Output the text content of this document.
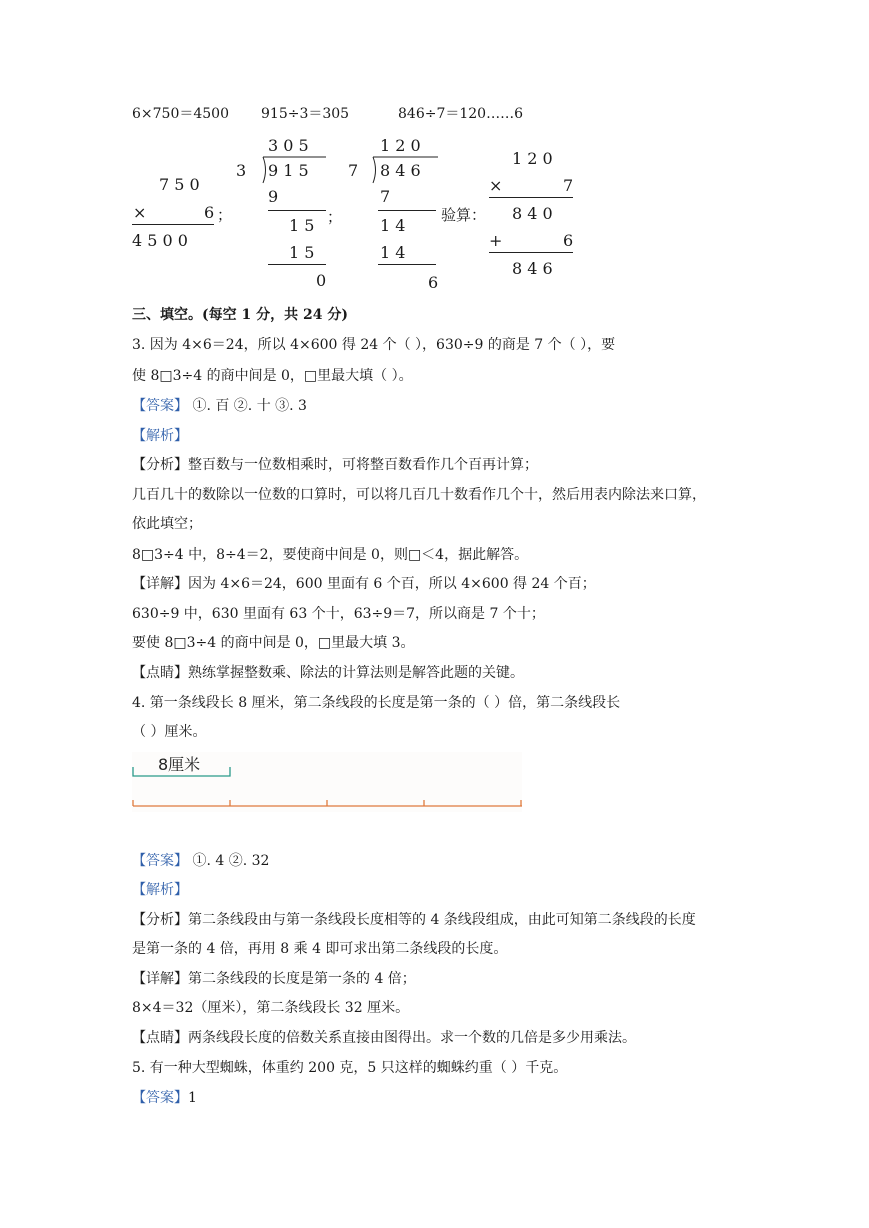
6×750＝4500 915÷3＝305	846÷7＝120……6
7 5 0
×	6
4 5 0 0
；
3 0 5
3 9 1 5
9
1 5
1 5
0
；
1 2 0
7 8 4 6
7
1 4
1 4
6
验算：
1 2 0
×	7
8 4 0
+	6
8 4 6
三、填空。(每空 1 分，共 24 分)
3. 因为 4×6＝24，所以 4×600 得 24 个（ ），630÷9 的商是 7 个（ ），要
使 8□3÷4 的商中间是 0，□里最大填（ ）。
【答案】 ①. 百 ②. 十 ③. 3
【解析】
【分析】整百数与一位数相乘时，可将整百数看作几个百再计算；
几百几十的数除以一位数的口算时，可以将几百几十数看作几个十，然后用表内除法来口算，
依此填空；
8□3÷4 中，8÷4＝2，要使商中间是 0，则□＜4，据此解答。
【详解】因为 4×6＝24，600 里面有 6 个百，所以 4×600 得 24 个百；
630÷9 中，630 里面有 63 个十，63÷9＝7，所以商是 7 个十；
要使 8□3÷4 的商中间是 0，□里最大填 3。
【点睛】熟练掌握整数乘、除法的计算法则是解答此题的关键。
4. 第一条线段长 8 厘米，第二条线段的长度是第一条的（ ）倍，第二条线段长
（ ）厘米。
8厘米
【答案】 ①. 4 ②. 32
【解析】
【分析】第二条线段由与第一条线段长度相等的 4 条线段组成，由此可知第二条线段的长度
是第一条的 4 倍，再用 8 乘 4 即可求出第二条线段的长度。
【详解】第二条线段的长度是第一条的 4 倍；
8×4＝32（厘米），第二条线段长 32 厘米。
【点睛】两条线段长度的倍数关系直接由图得出。求一个数的几倍是多少用乘法。
5. 有一种大型蜘蛛，体重约 200 克，5 只这样的蜘蛛约重（ ）千克。
【答案】1
